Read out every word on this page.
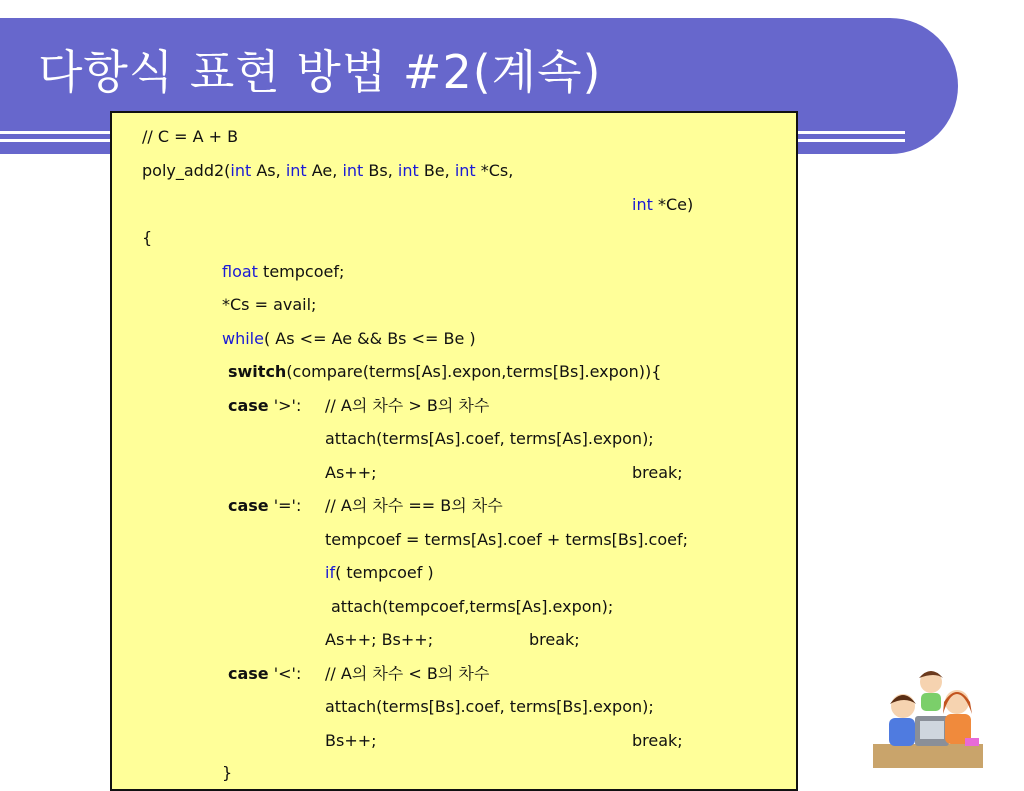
다항식 표현 방법 #2(계속)
// C = A + B
poly_add2(int As, int Ae, int Bs, int Be, int *Cs,
int *Ce)
{
float tempcoef;
*Cs = avail;
while( As <= Ae && Bs <= Be )
switch(compare(terms[As].expon,terms[Bs].expon)){
case '>': // A의 차수 > B의 차수
attach(terms[As].coef, terms[As].expon);
As++;	break;
case '=': // A의 차수 == B의 차수
tempcoef = terms[As].coef + terms[Bs].coef;
if( tempcoef )
attach(tempcoef,terms[As].expon);
As++; Bs++;	break;
case '<': // A의 차수 < B의 차수
attach(terms[Bs].coef, terms[Bs].expon);
Bs++;	break;
}
